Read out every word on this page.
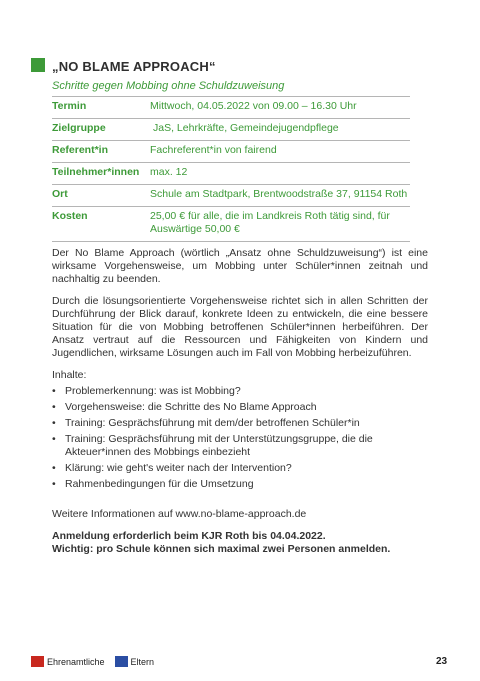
„NO BLAME APPROACH“
Schritte gegen Mobbing ohne Schuldzuweisung
Termin	Mittwoch, 04.05.2022 von 09.00 – 16.30 Uhr
Zielgruppe	JaS, Lehrkräfte, Gemeindejugendpflege
Referent*in	Fachreferent*in von fairend
Teilnehmer*innen	max. 12
Ort	Schule am Stadtpark, Brentwoodstraße 37, 91154 Roth
Kosten	25,00 € für alle, die im Landkreis Roth tätig sind, für Auswärtige 50,00 €
Der No Blame Approach (wörtlich „Ansatz ohne Schuldzuweisung“) ist eine wirksame Vorgehensweise, um Mobbing unter Schüler*innen zeitnah und nachhaltig zu beenden.
Durch die lösungsorientierte Vorgehensweise richtet sich in allen Schritten der Durchführung der Blick darauf, konkrete Ideen zu entwickeln, die eine bessere Situation für die von Mobbing betroffenen Schüler*innen herbeiführen. Der Ansatz vertraut auf die Ressourcen und Fähigkeiten von Kindern und Jugendlichen, wirksame Lösungen auch im Fall von Mobbing herbeizuführen.
Inhalte:
• Problemerkennung: was ist Mobbing?
• Vorgehensweise: die Schritte des No Blame Approach
• Training: Gesprächsführung mit dem/der betroffenen Schüler*in
• Training: Gesprächsführung mit der Unterstützungsgruppe, die die Akteuer*innen des Mobbings einbezieht
• Klärung: wie geht's weiter nach der Intervention?
• Rahmenbedingungen für die Umsetzung
Weitere Informationen auf www.no-blame-approach.de
Anmeldung erforderlich beim KJR Roth bis 04.04.2022.
Wichtig: pro Schule können sich maximal zwei Personen anmelden.
Ehrenamtliche	Eltern	23
